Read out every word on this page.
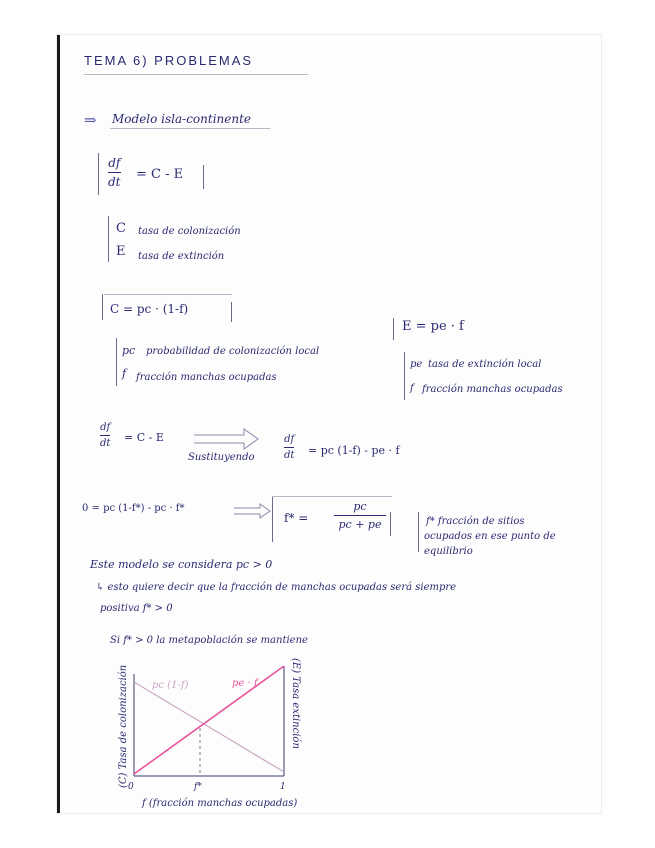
TEMA 6) PROBLEMAS
⇒ Modelo isla-continente
df
dt = C - E
C tasa de colonización
E tasa de extinción
C = pc · (1-f)
E = pe · f
pc probabilidad de colonización local
f fracción manchas ocupadas
pe tasa de extinción local
f fracción manchas ocupadas
df
dt = C - E
Sustituyendo
df
dt = pc (1-f) - pe · f
0 = pc (1-f*) - pc · f*
f* =
pc
pc + pe	f* fracción de sitios
ocupados en ese punto de
equilibrio
Este modelo se considera pc > 0
↳ esto quiere decir que la fracción de manchas ocupadas será siempre
positiva f* > 0
Si f* > 0 la metapoblación se mantiene
pc (1-f)	pe · f
0	f*	1
f (fracción manchas ocupadas)
(C) Tasa de colonización	(E) Tasa extinción
